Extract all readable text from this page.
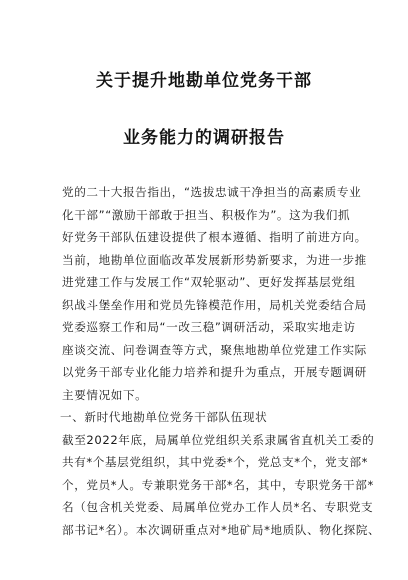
关于提升地勘单位党务干部
业务能力的调研报告
党的二十大报告指出，“选拔忠诚干净担当的高素质专业
化干部”“激励干部敢于担当、积极作为”。这为我们抓
好党务干部队伍建设提供了根本遵循、指明了前进方向。
当前，地勘单位面临改革发展新形势新要求，为进一步推
进党建工作与发展工作“双轮驱动”、更好发挥基层党组
织战斗堡垒作用和党员先锋模范作用，局机关党委结合局
党委巡察工作和局“一改三稳”调研活动，采取实地走访
座谈交流、问卷调查等方式，聚焦地勘单位党建工作实际
以党务干部专业化能力培养和提升为重点，开展专题调研
主要情况如下。
一、新时代地勘单位党务干部队伍现状
截至2022年底，局属单位党组织关系隶属省直机关工委的
共有*个基层党组织，其中党委*个，党总支*个，党支部*
个，党员*人。专兼职党务干部*名，其中，专职党务干部*
名（包含机关党委、局属单位党办工作人员*名、专职党支
部书记*名）。本次调研重点对*地矿局*地质队、物化探院、
